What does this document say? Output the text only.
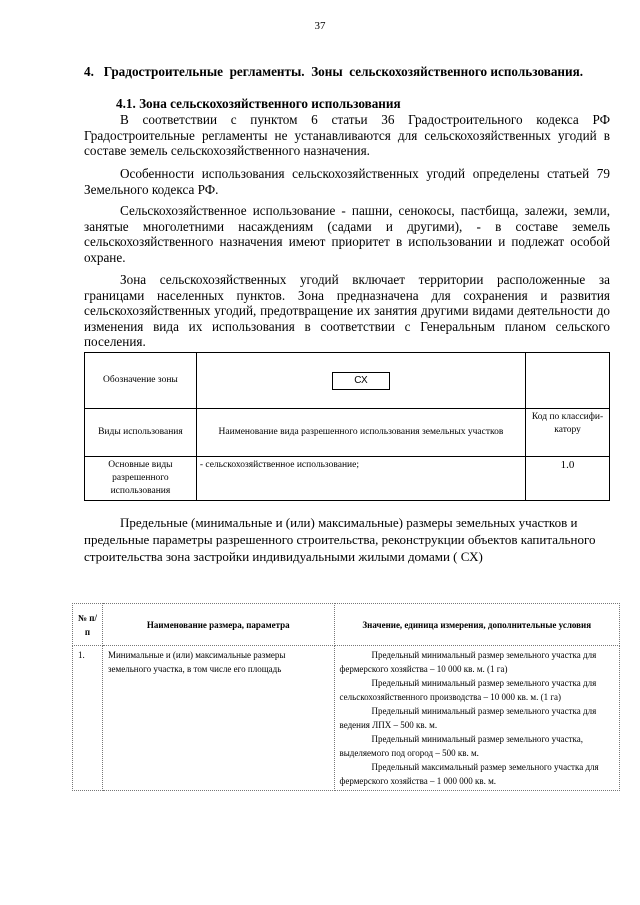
37
4.   Градостроительные  регламенты.  Зоны  сельскохозяйственного использования.
4.1. Зона сельскохозяйственного использования
В соответствии с пунктом 6 статьи 36 Градостроительного кодекса РФ Градостроительные регламенты не устанавливаются для сельскохозяйственных угодий в составе земель сельскохозяйственного назначения.
Особенности использования сельскохозяйственных угодий определены статьей 79 Земельного кодекса РФ.
Сельскохозяйственное использование - пашни, сенокосы, пастбища, залежи, земли, занятые многолетними насаждениям (садами и другими), - в составе земель сельскохозяйственного назначения имеют приоритет в использовании и подлежат особой охране.
Зона сельскохозяйственных угодий включает территории расположенные за границами населенных пунктов. Зона предназначена для сохранения и развития сельскохозяйственных угодий, предотвращение их занятия другими видами деятельности до изменения вида их использования в соответствии с Генеральным планом сельского поселения.
Обозначение зоны	СХ	
Виды использования	Наименование вида разрешенного использования земельных участков	Код по классифи-катору
Основные виды разрешенного использования	- сельскохозяйственное использование;	1.0
Предельные (минимальные и (или) максимальные) размеры земельных участков и предельные параметры разрешенного строительства, реконструкции объектов капитального строительства зона застройки индивидуальными жилыми домами ( СХ)
№ п/п	Наименование размера, параметра	Значение, единица измерения, дополнительные условия
1.	Минимальные и (или) максимальные размеры земельного участка, в том числе его площадь	Предельный минимальный размер земельного участка для фермерского хозяйства – 10 000 кв. м. (1 га)
Предельный минимальный размер земельного участка для сельскохозяйственного производства – 10 000 кв. м. (1 га)
Предельный минимальный размер земельного участка для ведения ЛПХ – 500 кв. м.
Предельный минимальный размер земельного участка, выделяемого под огород – 500 кв. м.
Предельный максимальный размер земельного участка для фермерского хозяйства – 1 000 000 кв. м.
